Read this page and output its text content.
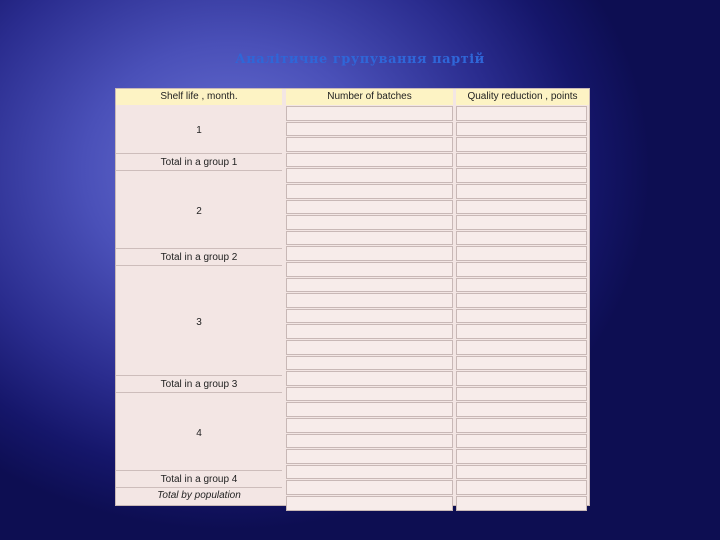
Аналітичне групування партій
Shelf life , month.	Number of batches	Quality reduction , points
1
Total in a group 1
2
Total in a group 2
3
Total in a group 3
4
Total in a group 4
Total by population
